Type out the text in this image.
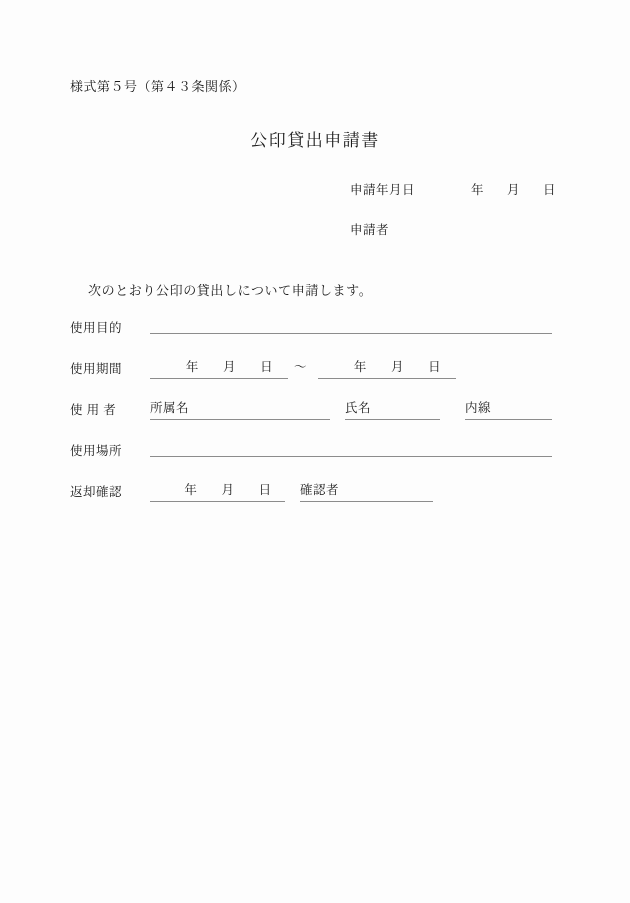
様式第５号（第４３条関係）
公印貸出申請書
申請年月日	年	月	日
申請者
次のとおり公印の貸出しについて申請します。
使用目的
使用期間	年 月 日	～	年 月 日
使 用 者	所属名	氏名	内線
使用場所
返却確認	年 月 日	確認者
